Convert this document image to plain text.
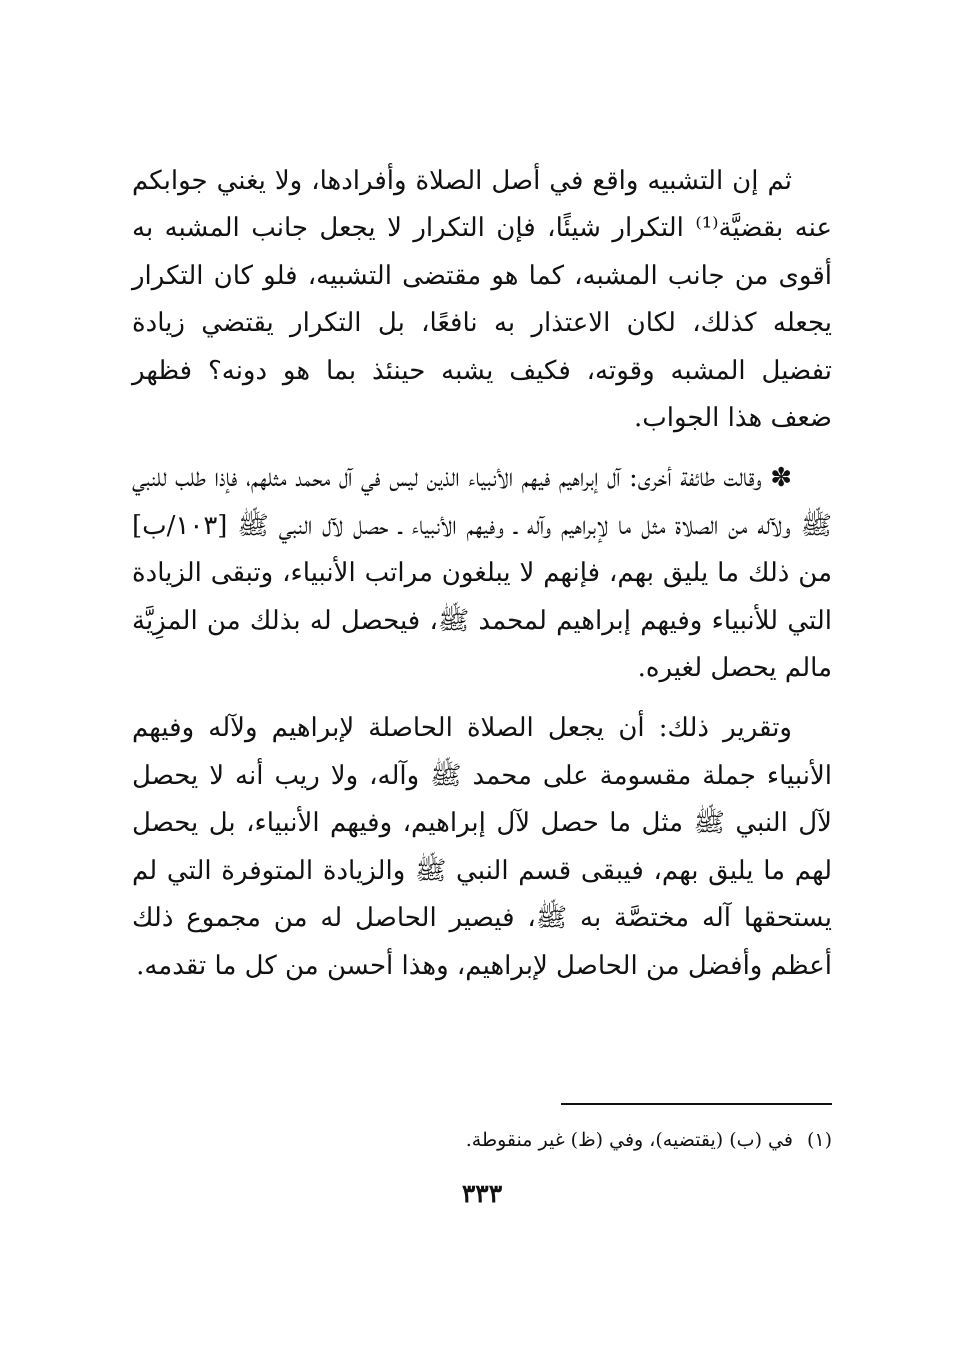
ثم إن التشبيه واقع في أصل الصلاة وأفرادها، ولا يغني جوابكم عنه بقضيَّة⁽¹⁾ التكرار شيئًا، فإن التكرار لا يجعل جانب المشبه به أقوى من جانب المشبه، كما هو مقتضى التشبيه، فلو كان التكرار يجعله كذلك، لكان الاعتذار به نافعًا، بل التكرار يقتضي زيادة تفضيل المشبه وقوته، فكيف يشبه حينئذ بما هو دونه؟ فظهر ضعف هذا الجواب.

✽ وقالت طائفة أخرى: آل إبراهيم فيهم الأنبياء الذين ليس في آل محمد مثلهم، فإذا طلب للنبي ﷺ ولآله من الصلاة مثل ما لإبراهيم وآله ـ وفيهم الأنبياء ـ حصل لآل النبي ﷺ [١٠٣/ب] من ذلك ما يليق بهم، فإنهم لا يبلغون مراتب الأنبياء، وتبقى الزيادة التي للأنبياء وفيهم إبراهيم لمحمد ﷺ، فيحصل له بذلك من المزِيَّة مالم يحصل لغيره.

وتقرير ذلك: أن يجعل الصلاة الحاصلة لإبراهيم ولآله وفيهم الأنبياء جملة مقسومة على محمد ﷺ وآله، ولا ريب أنه لا يحصل لآل النبي ﷺ مثل ما حصل لآل إبراهيم، وفيهم الأنبياء، بل يحصل لهم ما يليق بهم، فيبقى قسم النبي ﷺ والزيادة المتوفرة التي لم يستحقها آله مختصَّة به ﷺ، فيصير الحاصل له من مجموع ذلك أعظم وأفضل من الحاصل لإبراهيم، وهذا أحسن من كل ما تقدمه.

(١)في (ب) (يقتضيه)، وفي (ظ) غير منقوطة.
٣٣٣
